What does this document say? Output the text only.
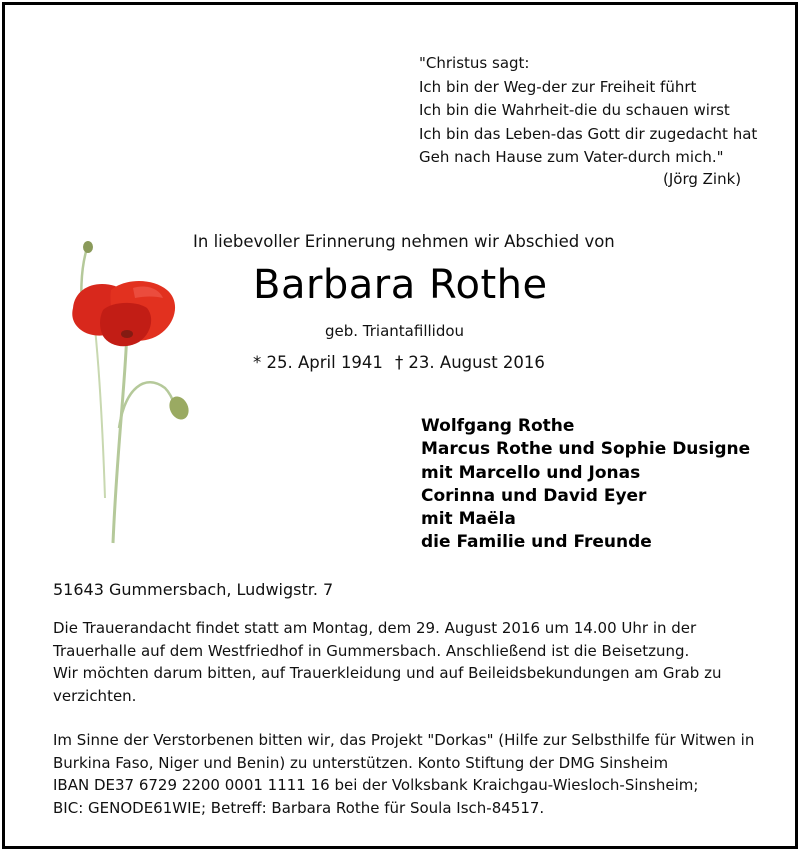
"Christus sagt:
Ich bin der Weg-der zur Freiheit führt
Ich bin die Wahrheit-die du schauen wirst
Ich bin das Leben-das Gott dir zugedacht hat
Geh nach Hause zum Vater-durch mich."
(Jörg Zink)
In liebevoller Erinnerung nehmen wir Abschied von
Barbara Rothe
geb. Triantafillidou
* 25. April 1941 † 23. August 2016
Wolfgang Rothe
Marcus Rothe und Sophie Dusigne
mit Marcello und Jonas
Corinna und David Eyer
mit Maëla
die Familie und Freunde
51643 Gummersbach, Ludwigstr. 7
Die Trauerandacht findet statt am Montag, dem 29. August 2016 um 14.00 Uhr in der
Trauerhalle auf dem Westfriedhof in Gummersbach. Anschließend ist die Beisetzung.
Wir möchten darum bitten, auf Trauerkleidung und auf Beileidsbekundungen am Grab zu
verzichten.
Im Sinne der Verstorbenen bitten wir, das Projekt "Dorkas" (Hilfe zur Selbsthilfe für Witwen in
Burkina Faso, Niger und Benin) zu unterstützen. Konto Stiftung der DMG Sinsheim
IBAN DE37 6729 2200 0001 1111 16 bei der Volksbank Kraichgau-Wiesloch-Sinsheim;
BIC: GENODE61WIE; Betreff: Barbara Rothe für Soula Isch-84517.
